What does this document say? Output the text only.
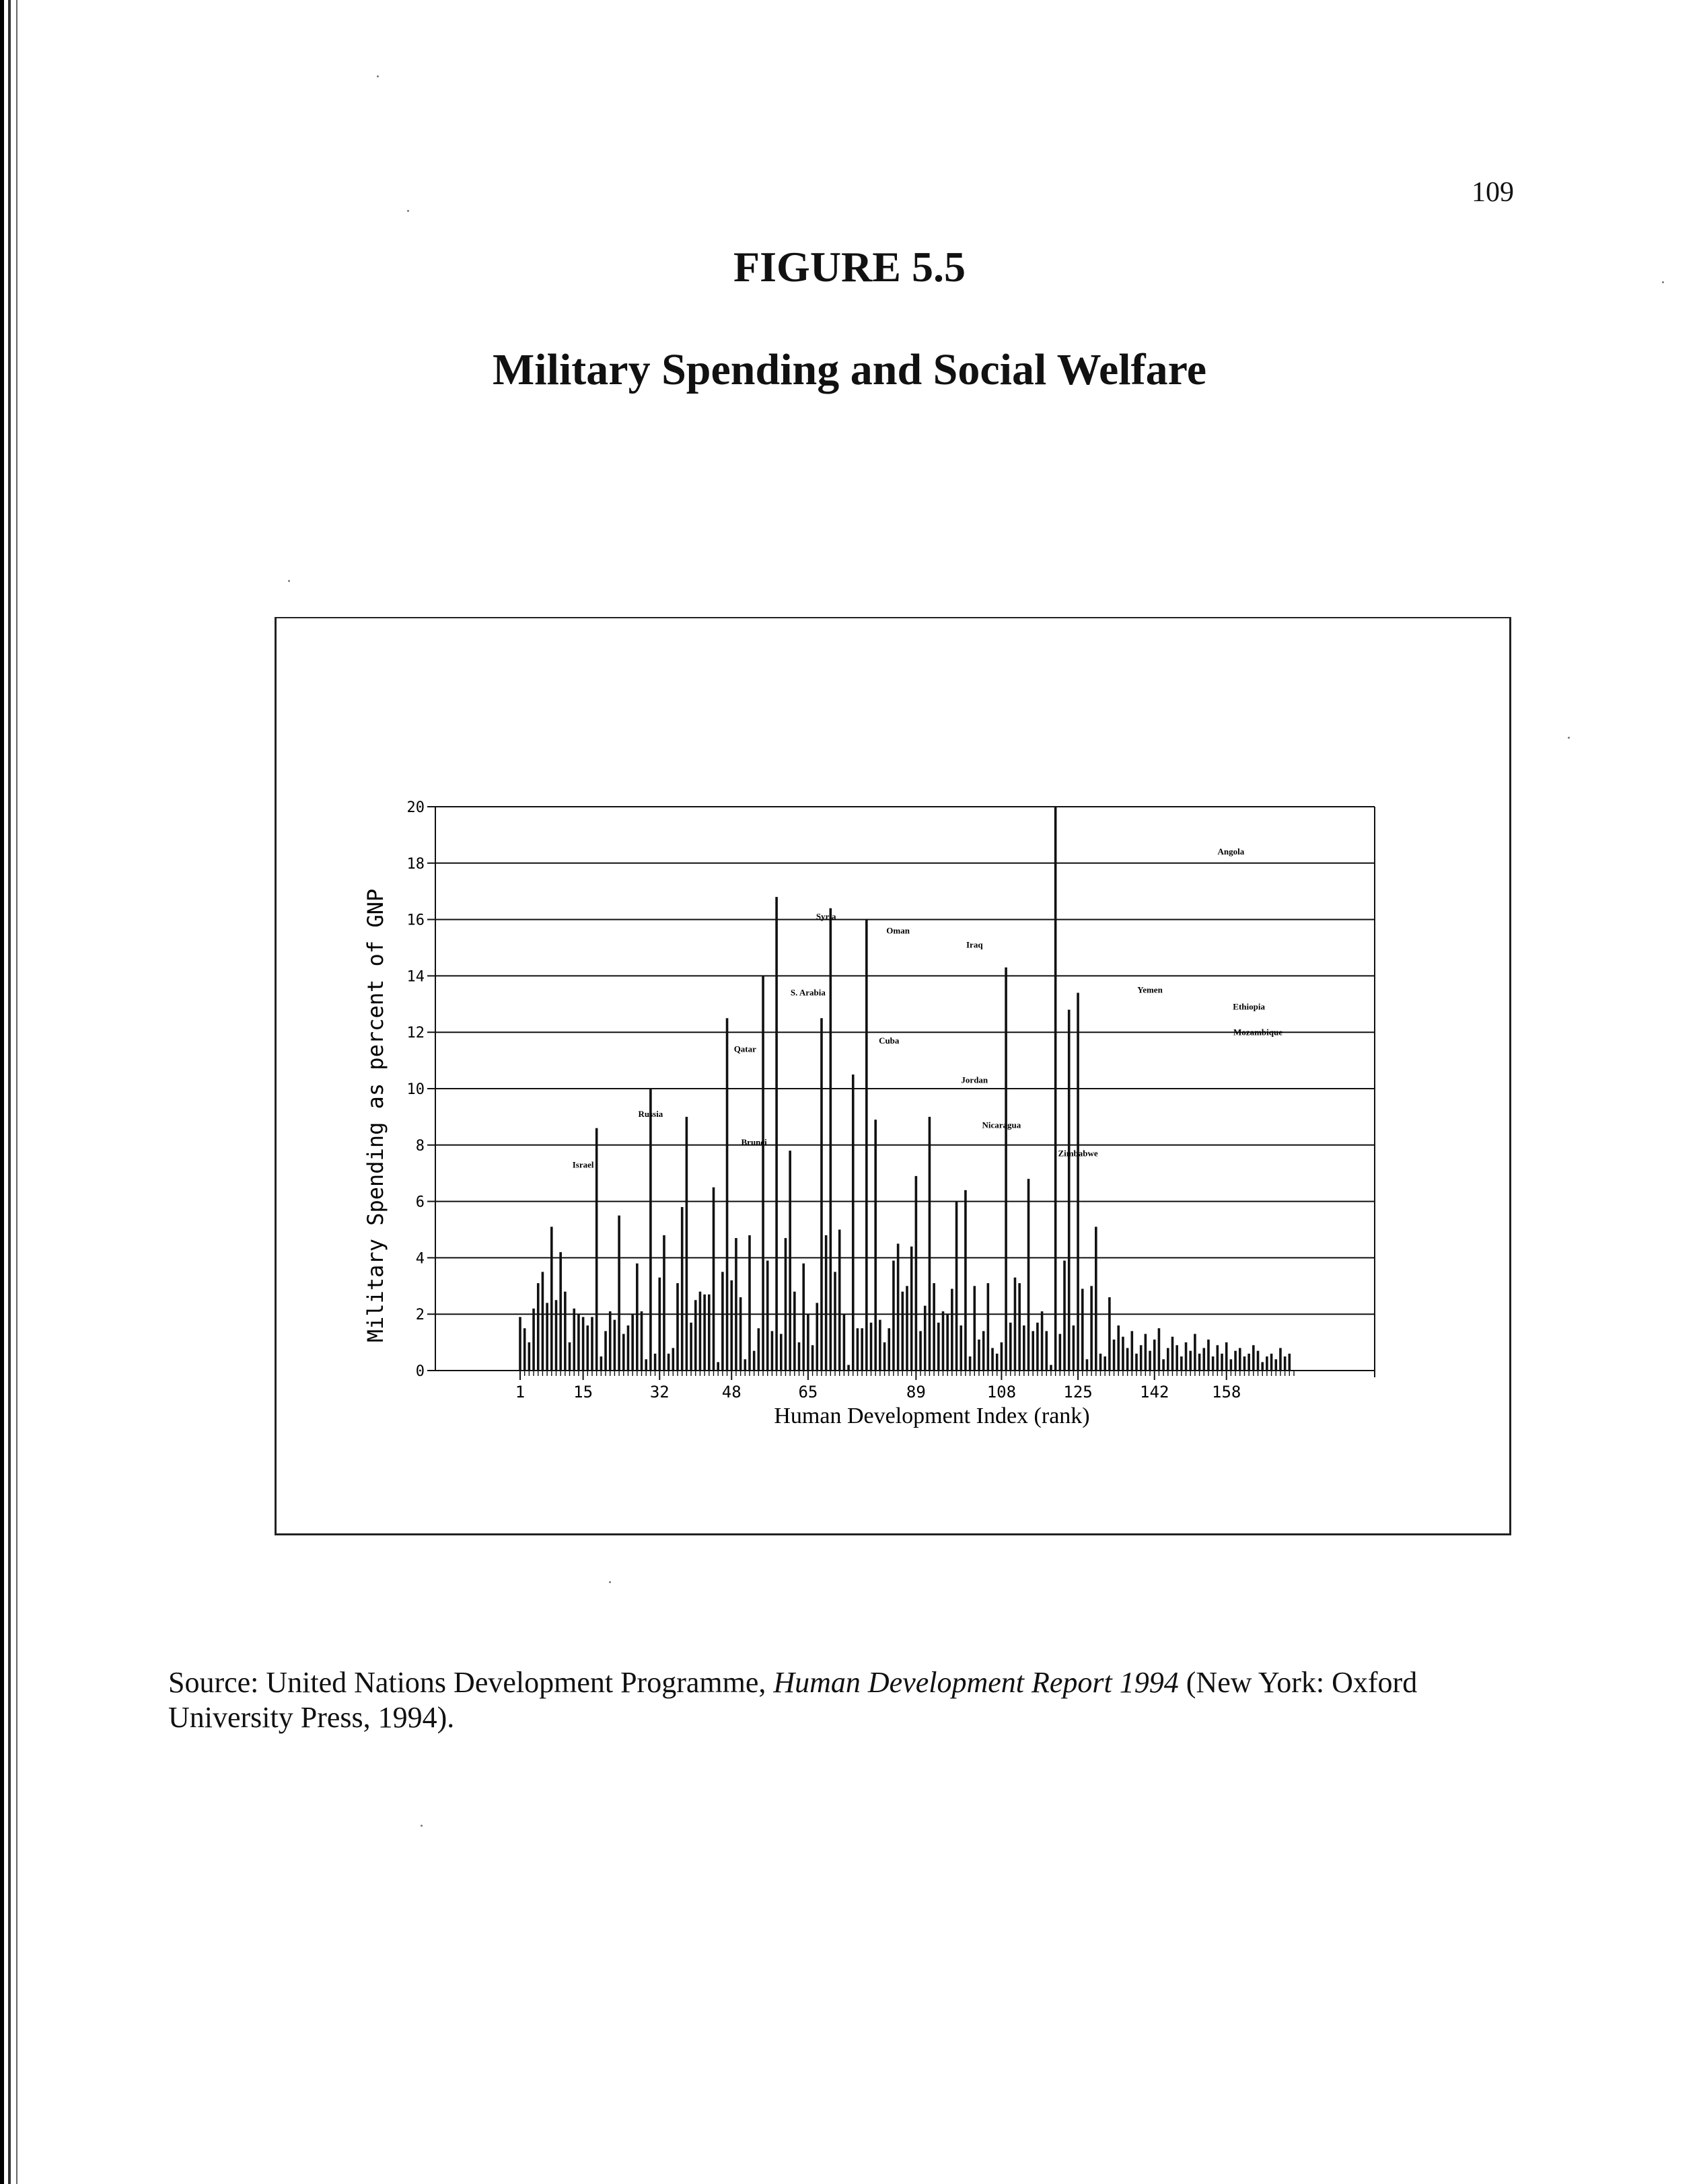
109
FIGURE 5.5
Military Spending and Social Welfare
0
2
4
6
8
10
12
14
16
18
20
1	15	32	48	65	89	108	125	142	158
Human Development Index (rank)
Military Spending as percent of GNP	Israel
Russia
Qatar
Brunei
S. Arabia
Syria
Oman
Cuba
Iraq
Jordan
Nicaragua
Zimbabwe
Yemen
Angola
Ethiopia
Mozambique
Source: United Nations Development Programme, Human Development Report 1994 (New York: Oxford University Press, 1994).
